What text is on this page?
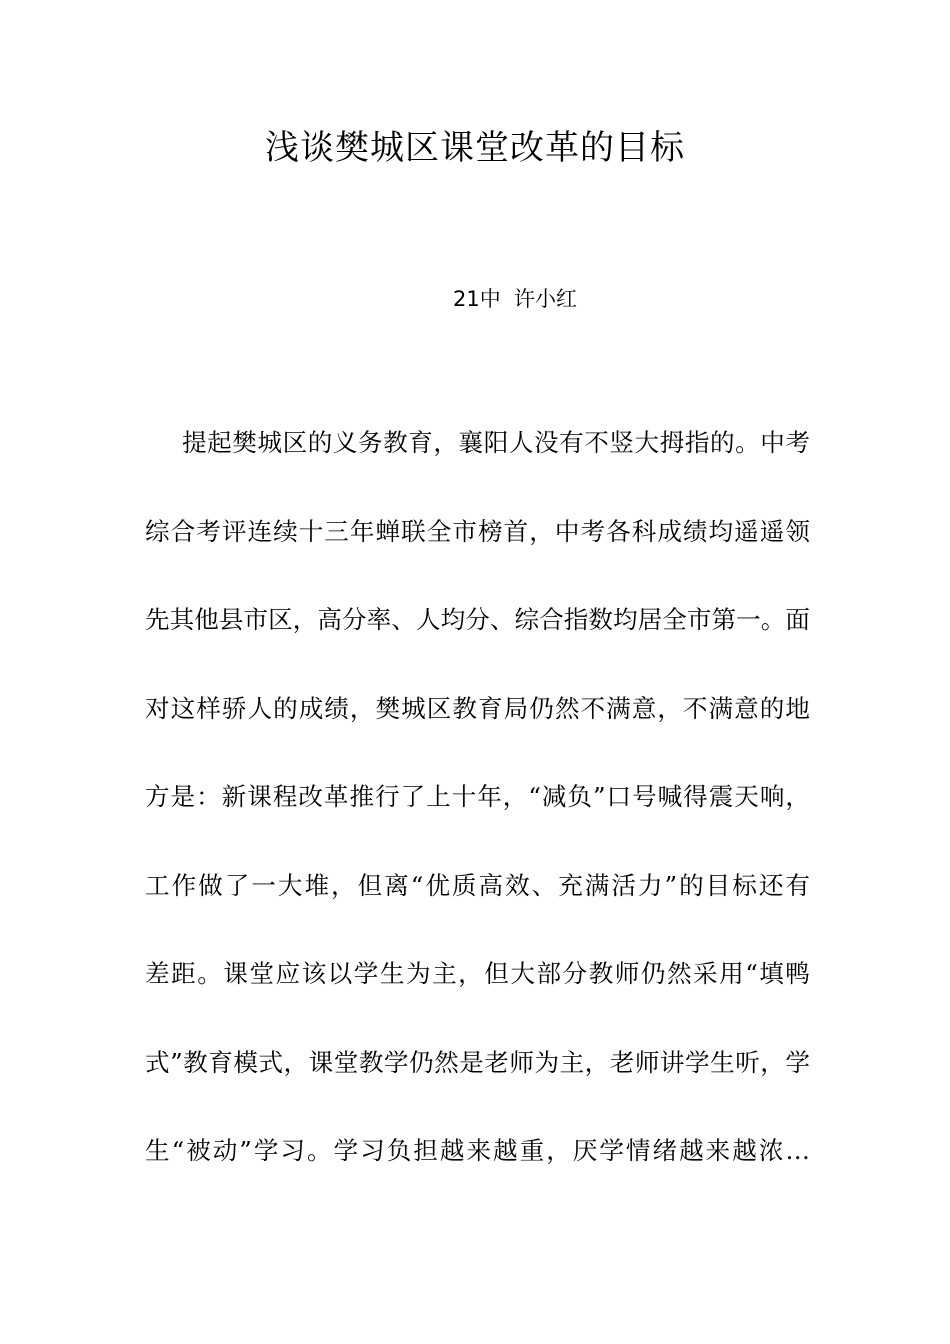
浅谈樊城区课堂改革的目标
21中 许小红
提起樊城区的义务教育，襄阳人没有不竖大拇指的。中考
综合考评连续十三年蝉联全市榜首，中考各科成绩均遥遥领
先其他县市区，高分率、人均分、综合指数均居全市第一。面
对这样骄人的成绩，樊城区教育局仍然不满意，不满意的地
方是：新课程改革推行了上十年，“减负”口号喊得震天响，
工作做了一大堆，但离“优质高效、充满活力”的目标还有
差距。课堂应该以学生为主，但大部分教师仍然采用“填鸭
式”教育模式，课堂教学仍然是老师为主，老师讲学生听，学
生“被动”学习。学习负担越来越重，厌学情绪越来越浓…
